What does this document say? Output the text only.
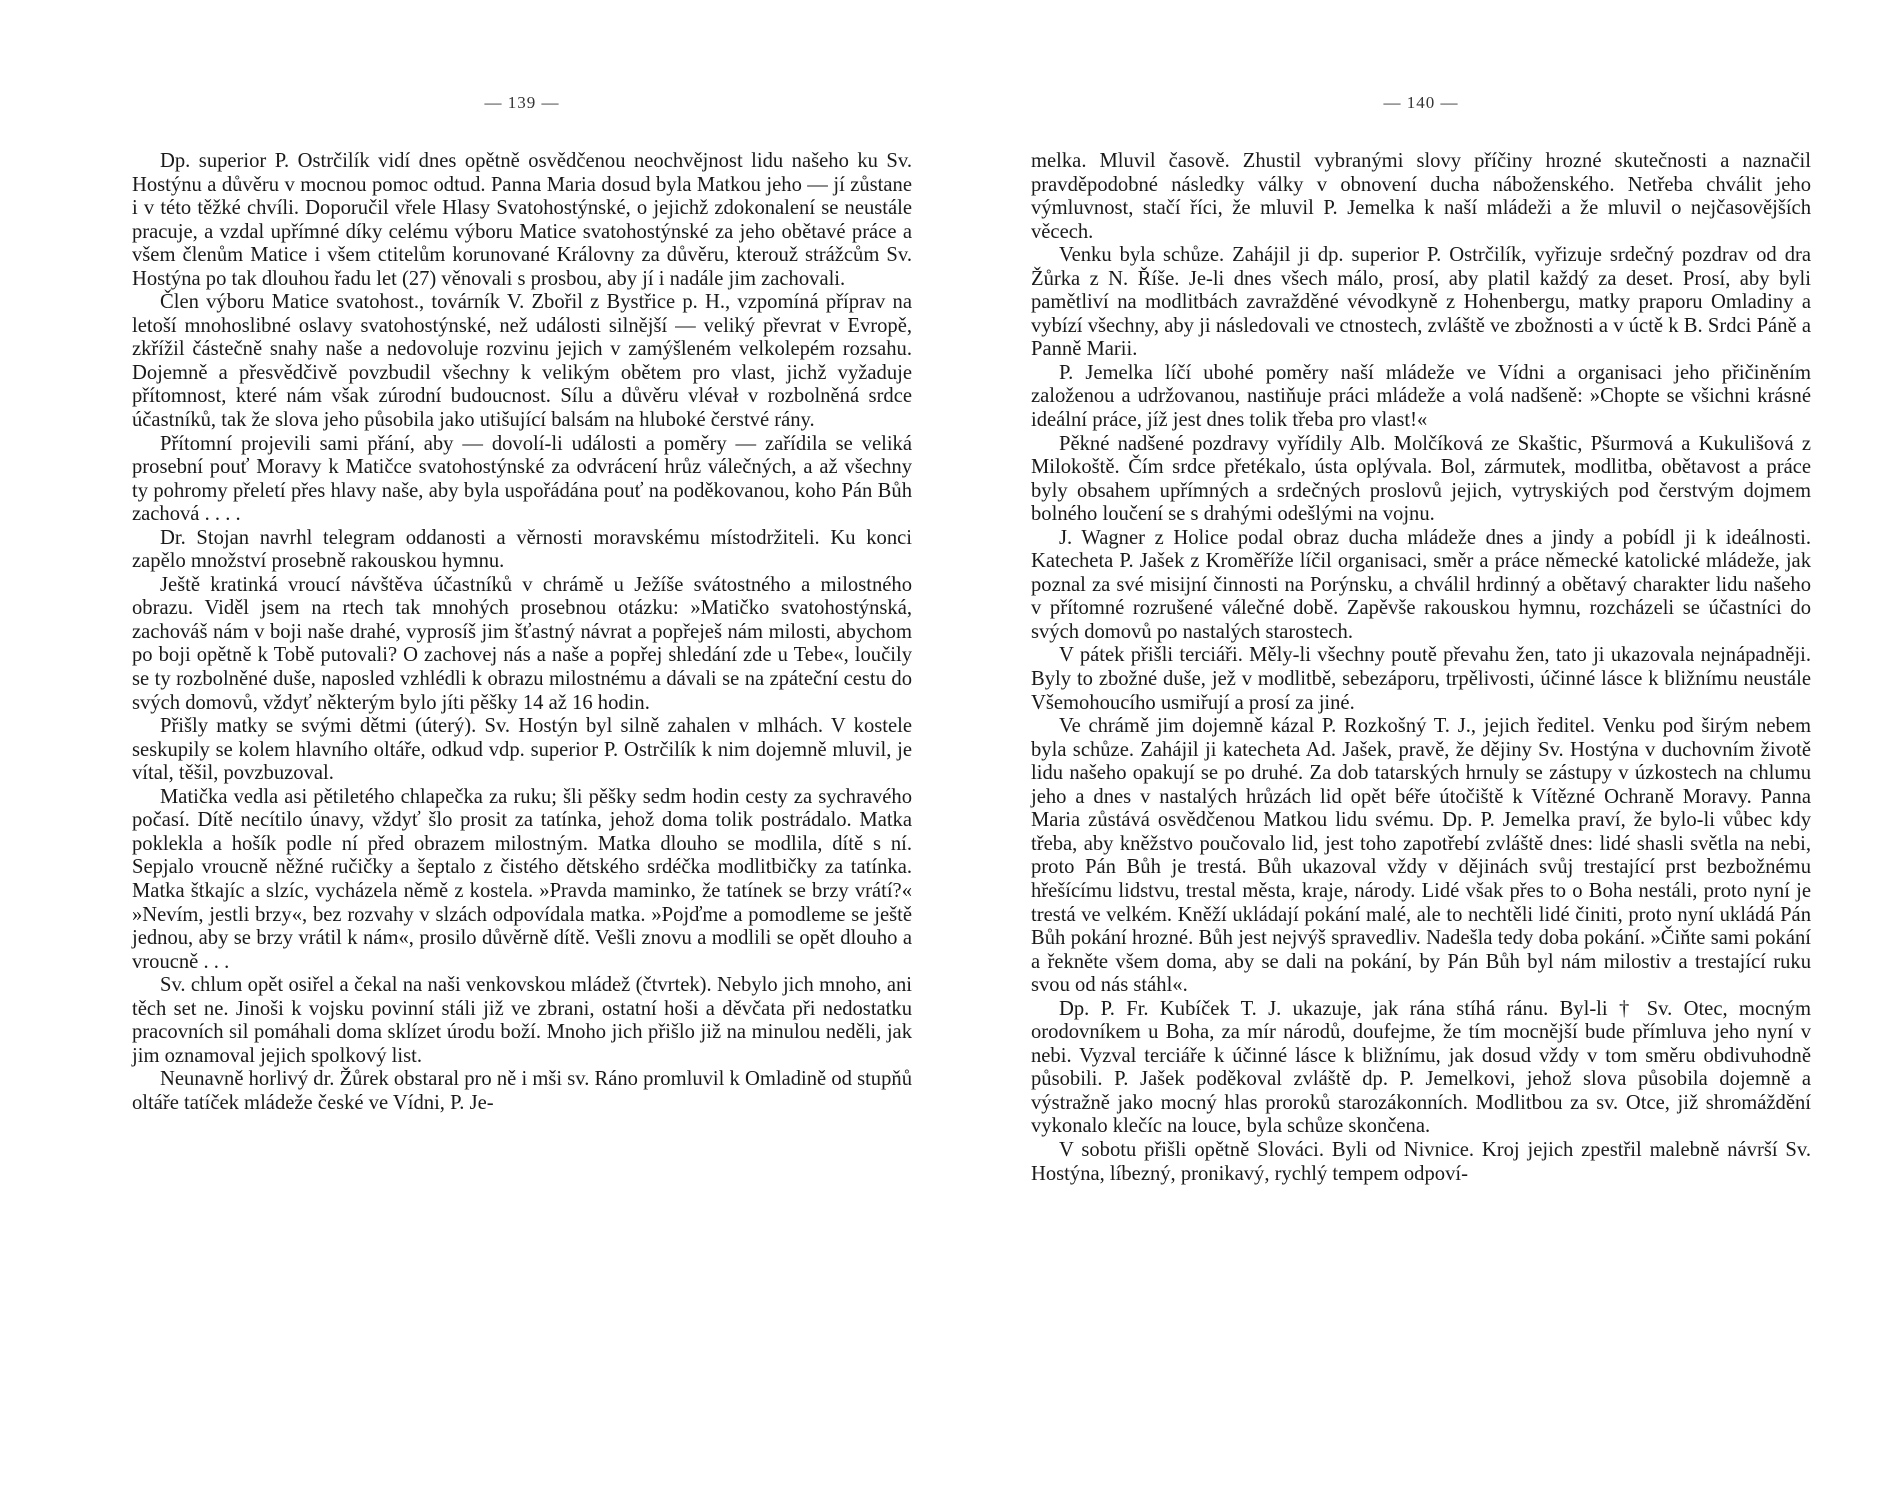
— 139 —

Dp. superior P. Ostrčilík vidí dnes opětně osvědčenou neochvějnost lidu našeho ku Sv. Hostýnu a důvěru v mocnou pomoc odtud. Panna Maria dosud byla Matkou jeho — jí zůstane i v této těžké chvíli. Doporučil vřele Hlasy Svatohostýnské, o jejichž zdokonalení se neustále pracuje, a vzdal upřímné díky celému výboru Matice svatohostýnské za jeho obětavé práce a všem členům Matice i všem ctitelům korunované Královny za důvěru, kterouž strážcům Sv. Hostýna po tak dlouhou řadu let (27) věnovali s prosbou, aby jí i nadále jim zachovali.

Člen výboru Matice svatohost., továrník V. Zbořil z Bystřice p. H., vzpomíná příprav na letoší mnohoslibné oslavy svatohostýnské, než události silnější — veliký převrat v Evropě, zkřížil částečně snahy naše a nedovoluje rozvinu jejich v zamýšleném velkolepém rozsahu. Dojemně a přesvědčivě povzbudil všechny k velikým obětem pro vlast, jichž vyžaduje přítomnost, které nám však zúrodní budoucnost. Sílu a důvěru vlévał v rozbolněná srdce účastníků, tak že slova jeho působila jako utišující balsám na hluboké čerstvé rány.

Přítomní projevili sami přání, aby — dovolí-li události a poměry — zařídila se veliká prosební pouť Moravy k Matičce svatohostýnské za odvrácení hrůz válečných, a až všechny ty pohromy přeletí přes hlavy naše, aby byla uspořádána pouť na poděkovanou, koho Pán Bůh zachová . . . .

Dr. Stojan navrhl telegram oddanosti a věrnosti moravskému místodržiteli. Ku konci zapělo množství prosebně rakouskou hymnu.

Ještě kratinká vroucí návštěva účastníků v chrámě u Ježíše svátostného a milostného obrazu. Viděl jsem na rtech tak mnohých prosebnou otázku: »Matičko svatohostýnská, zachováš nám v boji naše drahé, vyprosíš jim šťastný návrat a popřeješ nám milosti, abychom po boji opětně k Tobě putovali? O zachovej nás a naše a popřej shledání zde u Tebe«, loučily se ty rozbolněné duše, naposled vzhlédli k obrazu milostnému a dávali se na zpáteční cestu do svých domovů, vždyť některým bylo jíti pěšky 14 až 16 hodin.

Přišly matky se svými dětmi (úterý). Sv. Hostýn byl silně zahalen v mlhách. V kostele seskupily se kolem hlavního oltáře, odkud vdp. superior P. Ostrčilík k nim dojemně mluvil, je vítal, těšil, povzbuzoval.

Matička vedla asi pětiletého chlapečka za ruku; šli pěšky sedm hodin cesty za sychravého počasí. Dítě necítilo únavy, vždyť šlo prosit za tatínka, jehož doma tolik postrádalo. Matka poklekla a hošík podle ní před obrazem milostným. Matka dlouho se modlila, dítě s ní. Sepjalo vroucně něžné ručičky a šeptalo z čistého dětského srdéčka modlitbičky za tatínka. Matka štkajíc a slzíc, vycházela němě z kostela. »Pravda maminko, že tatínek se brzy vrátí?« »Nevím, jestli brzy«, bez rozvahy v slzách odpovídala matka. »Pojďme a pomodleme se ještě jednou, aby se brzy vrátil k nám«, prosilo důvěrně dítě. Vešli znovu a modlili se opět dlouho a vroucně . . .

Sv. chlum opět osiřel a čekal na naši venkovskou mládež (čtvrtek). Nebylo jich mnoho, ani těch set ne. Jinoši k vojsku povinní stáli již ve zbrani, ostatní hoši a děvčata při nedostatku pracovních sil pomáhali doma sklízet úrodu boží. Mnoho jich přišlo již na minulou neděli, jak jim oznamoval jejich spolkový list.

Neunavně horlivý dr. Žůrek obstaral pro ně i mši sv. Ráno promluvil k Omladině od stupňů oltáře tatíček mládeže české ve Vídni, P. Je-

— 140 —

melka. Mluvil časově. Zhustil vybranými slovy příčiny hrozné skutečnosti a naznačil pravděpodobné následky války v obnovení ducha náboženského. Netřeba chválit jeho výmluvnost, stačí říci, že mluvil P. Jemelka k naší mládeži a že mluvil o nejčasovějších věcech.

Venku byla schůze. Zahájil ji dp. superior P. Ostrčilík, vyřizuje srdečný pozdrav od dra Žůrka z N. Říše. Je-li dnes všech málo, prosí, aby platil každý za deset. Prosí, aby byli pamětliví na modlitbách zavražděné vévodkyně z Hohenbergu, matky praporu Omladiny a vybízí všechny, aby ji následovali ve ctnostech, zvláště ve zbožnosti a v úctě k B. Srdci Páně a Panně Marii.

P. Jemelka líčí ubohé poměry naší mládeže ve Vídni a organisaci jeho přičiněním založenou a udržovanou, nastiňuje práci mládeže a volá nadšeně: »Chopte se všichni krásné ideální práce, jíž jest dnes tolik třeba pro vlast!«

Pěkné nadšené pozdravy vyřídily Alb. Molčíková ze Skaštic, Pšurmová a Kukulišová z Milokoště. Čím srdce přetékalo, ústa oplývala. Bol, zármutek, modlitba, obětavost a práce byly obsahem upřímných a srdečných proslovů jejich, vytryskiých pod čerstvým dojmem bolného loučení se s drahými odešlými na vojnu.

J. Wagner z Holice podal obraz ducha mládeže dnes a jindy a pobídl ji k ideálnosti. Katecheta P. Jašek z Kroměříže líčil organisaci, směr a práce německé katolické mládeže, jak poznal za své misijní činnosti na Porýnsku, a chválil hrdinný a obětavý charakter lidu našeho v přítomné rozrušené válečné době. Zapěvše rakouskou hymnu, rozcházeli se účastníci do svých domovů po nastalých starostech.

V pátek přišli terciáři. Měly-li všechny poutě převahu žen, tato ji ukazovala nejnápadněji. Byly to zbožné duše, jež v modlitbě, sebezáporu, trpělivosti, účinné lásce k bližnímu neustále Všemohoucího usmiřují a prosí za jiné.

Ve chrámě jim dojemně kázal P. Rozkošný T. J., jejich ředitel. Venku pod širým nebem byla schůze. Zahájil ji katecheta Ad. Jašek, pravě, že dějiny Sv. Hostýna v duchovním životě lidu našeho opakují se po druhé. Za dob tatarských hrnuly se zástupy v úzkostech na chlumu jeho a dnes v nastalých hrůzách lid opět béře útočiště k Vítězné Ochraně Moravy. Panna Maria zůstává osvědčenou Matkou lidu svému. Dp. P. Jemelka praví, že bylo-li vůbec kdy třeba, aby kněžstvo poučovalo lid, jest toho zapotřebí zvláště dnes: lidé shasli světla na nebi, proto Pán Bůh je trestá. Bůh ukazoval vždy v dějinách svůj trestající prst bezbožnému hřešícímu lidstvu, trestal města, kraje, národy. Lidé však přes to o Boha nestáli, proto nyní je trestá ve velkém. Kněží ukládají pokání malé, ale to nechtěli lidé činiti, proto nyní ukládá Pán Bůh pokání hrozné. Bůh jest nejvýš spravedliv. Nadešla tedy doba pokání. »Čiňte sami pokání a řekněte všem doma, aby se dali na pokání, by Pán Bůh byl nám milostiv a trestající ruku svou od nás stáhl«.

Dp. P. Fr. Kubíček T. J. ukazuje, jak rána stíhá ránu. Byl-li † Sv. Otec, mocným orodovníkem u Boha, za mír národů, doufejme, že tím mocnější bude přímluva jeho nyní v nebi. Vyzval terciáře k účinné lásce k bližnímu, jak dosud vždy v tom směru obdivuhodně působili. P. Jašek poděkoval zvláště dp. P. Jemelkovi, jehož slova působila dojemně a výstražně jako mocný hlas proroků starozákonních. Modlitbou za sv. Otce, již shromáždění vykonalo klečíc na louce, byla schůze skončena.

V sobotu přišli opětně Slováci. Byli od Nivnice. Kroj jejich zpestřil malebně návrší Sv. Hostýna, líbezný, pronikavý, rychlý tempem odpoví-
